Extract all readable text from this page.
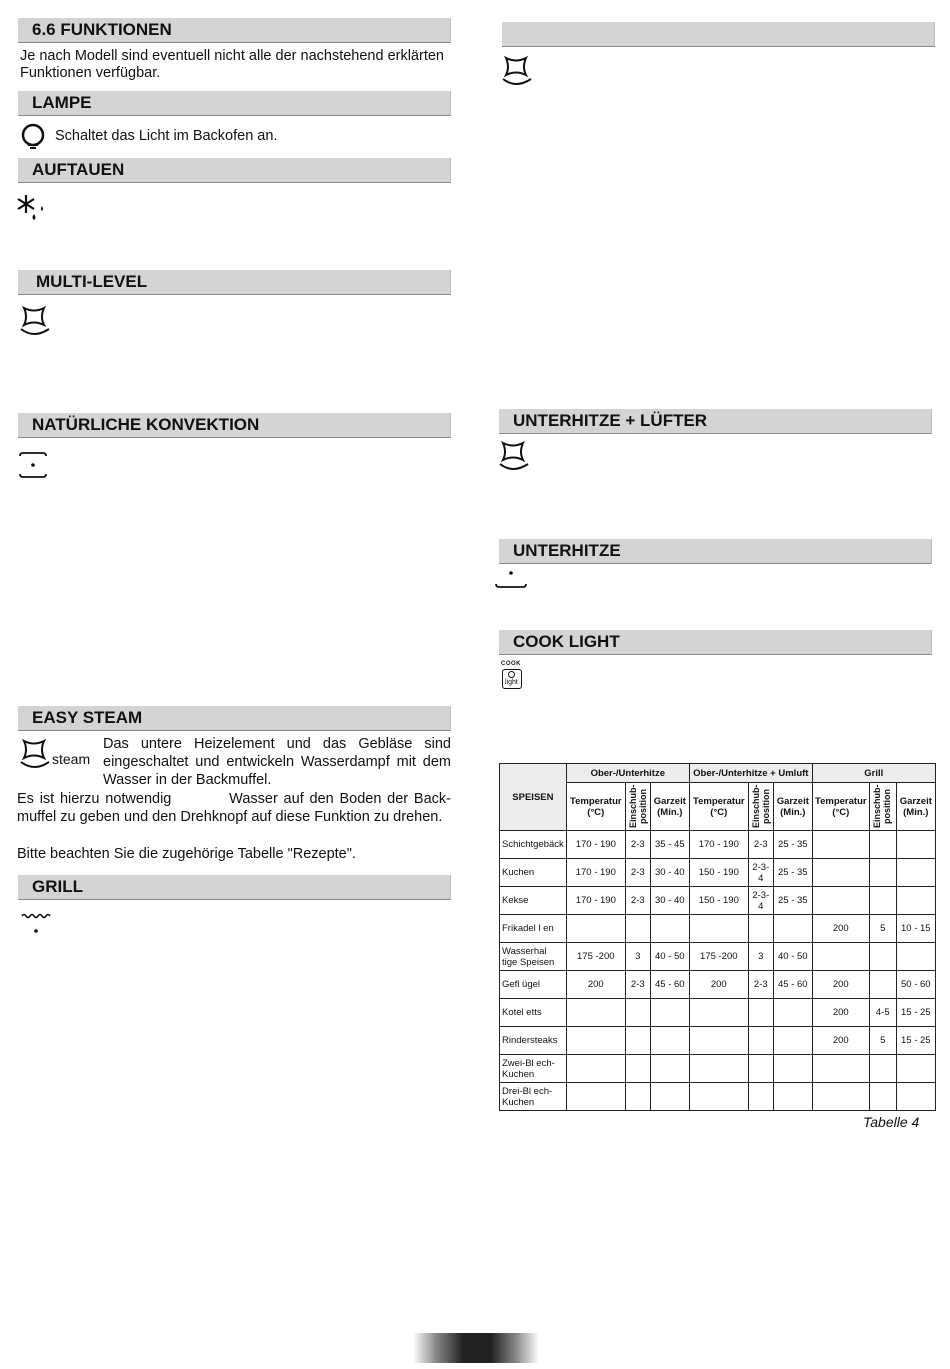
6.6 FUNKTIONEN
Je nach Modell sind eventuell nicht alle der nachstehend erklärten Funktionen verfügbar.
LAMPE
Schaltet das Licht im Backofen an.
AUFTAUEN
MULTI-LEVEL
NATÜRLICHE KONVEKTION
EASY STEAM
steam
Das untere Heizelement und das Gebläse sind eingeschaltet und entwickeln Wasserdampf mit dem Wasser in der Backmuffel.
Es ist hierzu notwendig          Wasser auf den Boden der Back-muffel zu geben und den Drehknopf auf diese Funktion zu drehen.
Bitte beachten Sie die zugehörige Tabelle "Rezepte".
GRILL
UNTERHITZE + LÜFTER
UNTERHITZE
COOK LIGHT
COOK
light
SPEISEN	Ober-/Unterhitze			Ober-/Unterhitze + Umluft			Grill		
	Temperatur (°C)	Einschub-position	Garzeit (Min.)	Temperatur (°C)	Einschub-position	Garzeit (Min.)	Temperatur (°C)	Einschub-position	Garzeit (Min.)
Schichtgebäck	170 - 190	2-3	35 - 45	170 - 190	2-3	25 - 35			
Kuchen	170 - 190	2-3	30 - 40	150 - 190	2-3-4	25 - 35			
Kekse	170 - 190	2-3	30 - 40	150 - 190	2-3-4	25 - 35			
Frikadel l en							200	5	10 - 15
Wasserhal tige Speisen	175 -200	3	40 - 50	175 -200	3	40 - 50			
Gefl ügel	200	2-3	45 - 60	200	2-3	45 - 60	200		50 - 60
Kotel etts							200	4-5	15 - 25
Rindersteaks							200	5	15 - 25
Zwei-Bl ech-Kuchen									
Drei-Bl ech-Kuchen									
Tabelle 4
